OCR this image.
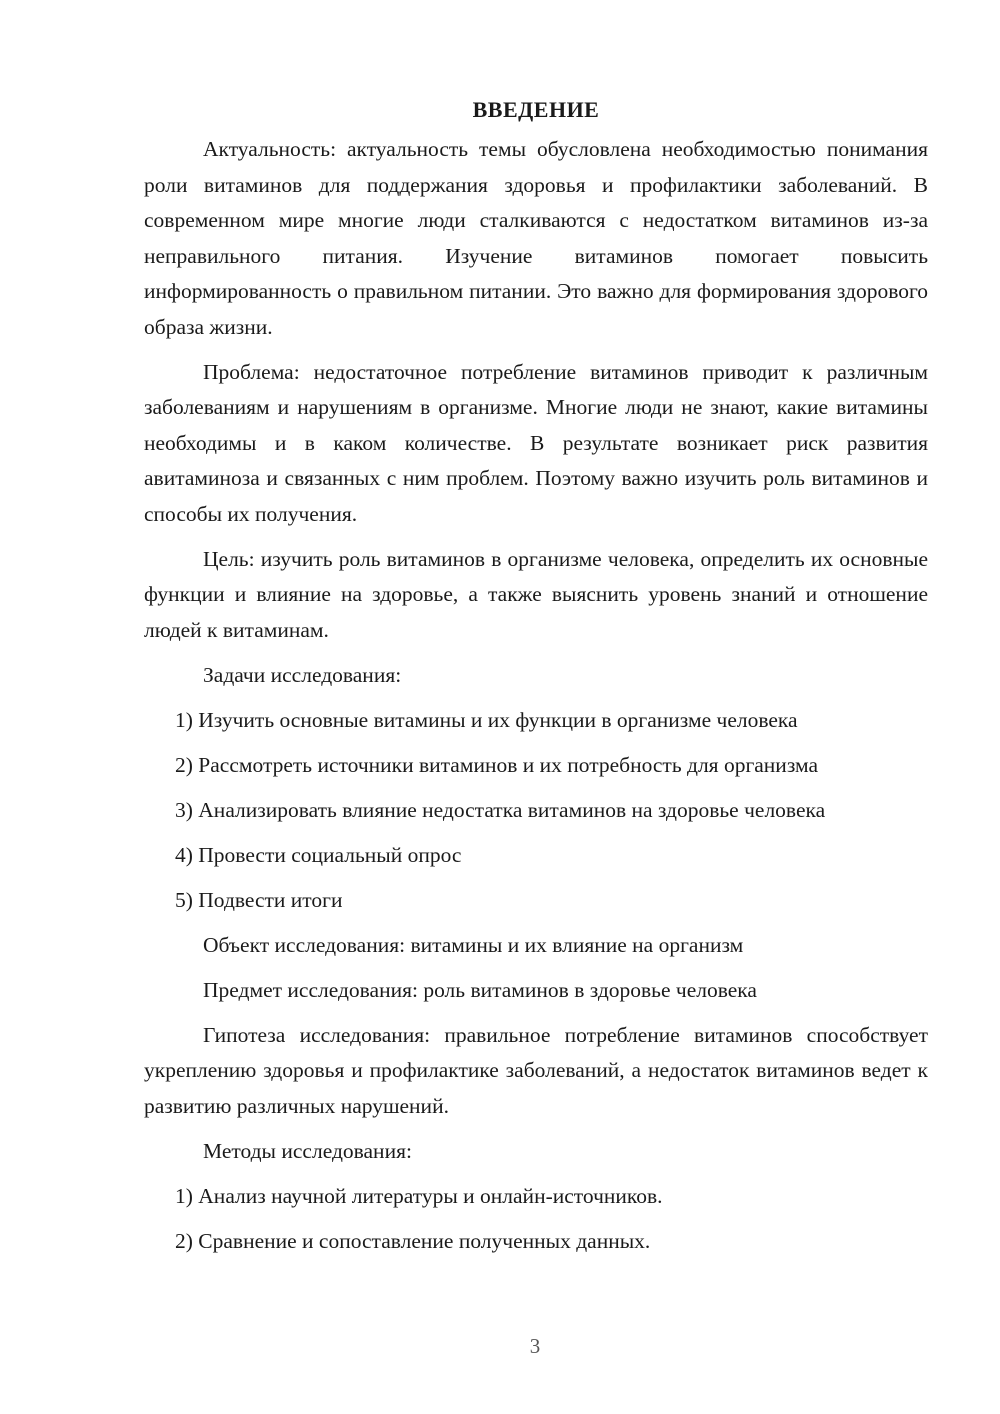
ВВЕДЕНИЕ

Актуальность: актуальность темы обусловлена необходимостью понимания роли витаминов для поддержания здоровья и профилактики заболеваний. В современном мире многие люди сталкиваются с недостатком витаминов из-за неправильного питания. Изучение витаминов помогает повысить информированность о правильном питании. Это важно для формирования здорового образа жизни.

Проблема: недостаточное потребление витаминов приводит к различным заболеваниям и нарушениям в организме. Многие люди не знают, какие витамины необходимы и в каком количестве. В результате возникает риск развития авитаминоза и связанных с ним проблем. Поэтому важно изучить роль витаминов и способы их получения.

Цель: изучить роль витаминов в организме человека, определить их основные функции и влияние на здоровье, а также выяснить уровень знаний и отношение людей к витаминам.

Задачи исследования:

1) Изучить основные витамины и их функции в организме человека

2) Рассмотреть источники витаминов и их потребность для организма

3) Анализировать влияние недостатка витаминов на здоровье человека

4) Провести социальный опрос

5) Подвести итоги

Объект исследования: витамины и их влияние на организм

Предмет исследования: роль витаминов в здоровье человека

Гипотеза исследования: правильное потребление витаминов способствует укреплению здоровья и профилактике заболеваний, а недостаток витаминов ведет к развитию различных нарушений.

Методы исследования:

1) Анализ научной литературы и онлайн-источников.

2) Сравнение и сопоставление полученных данных.

3
